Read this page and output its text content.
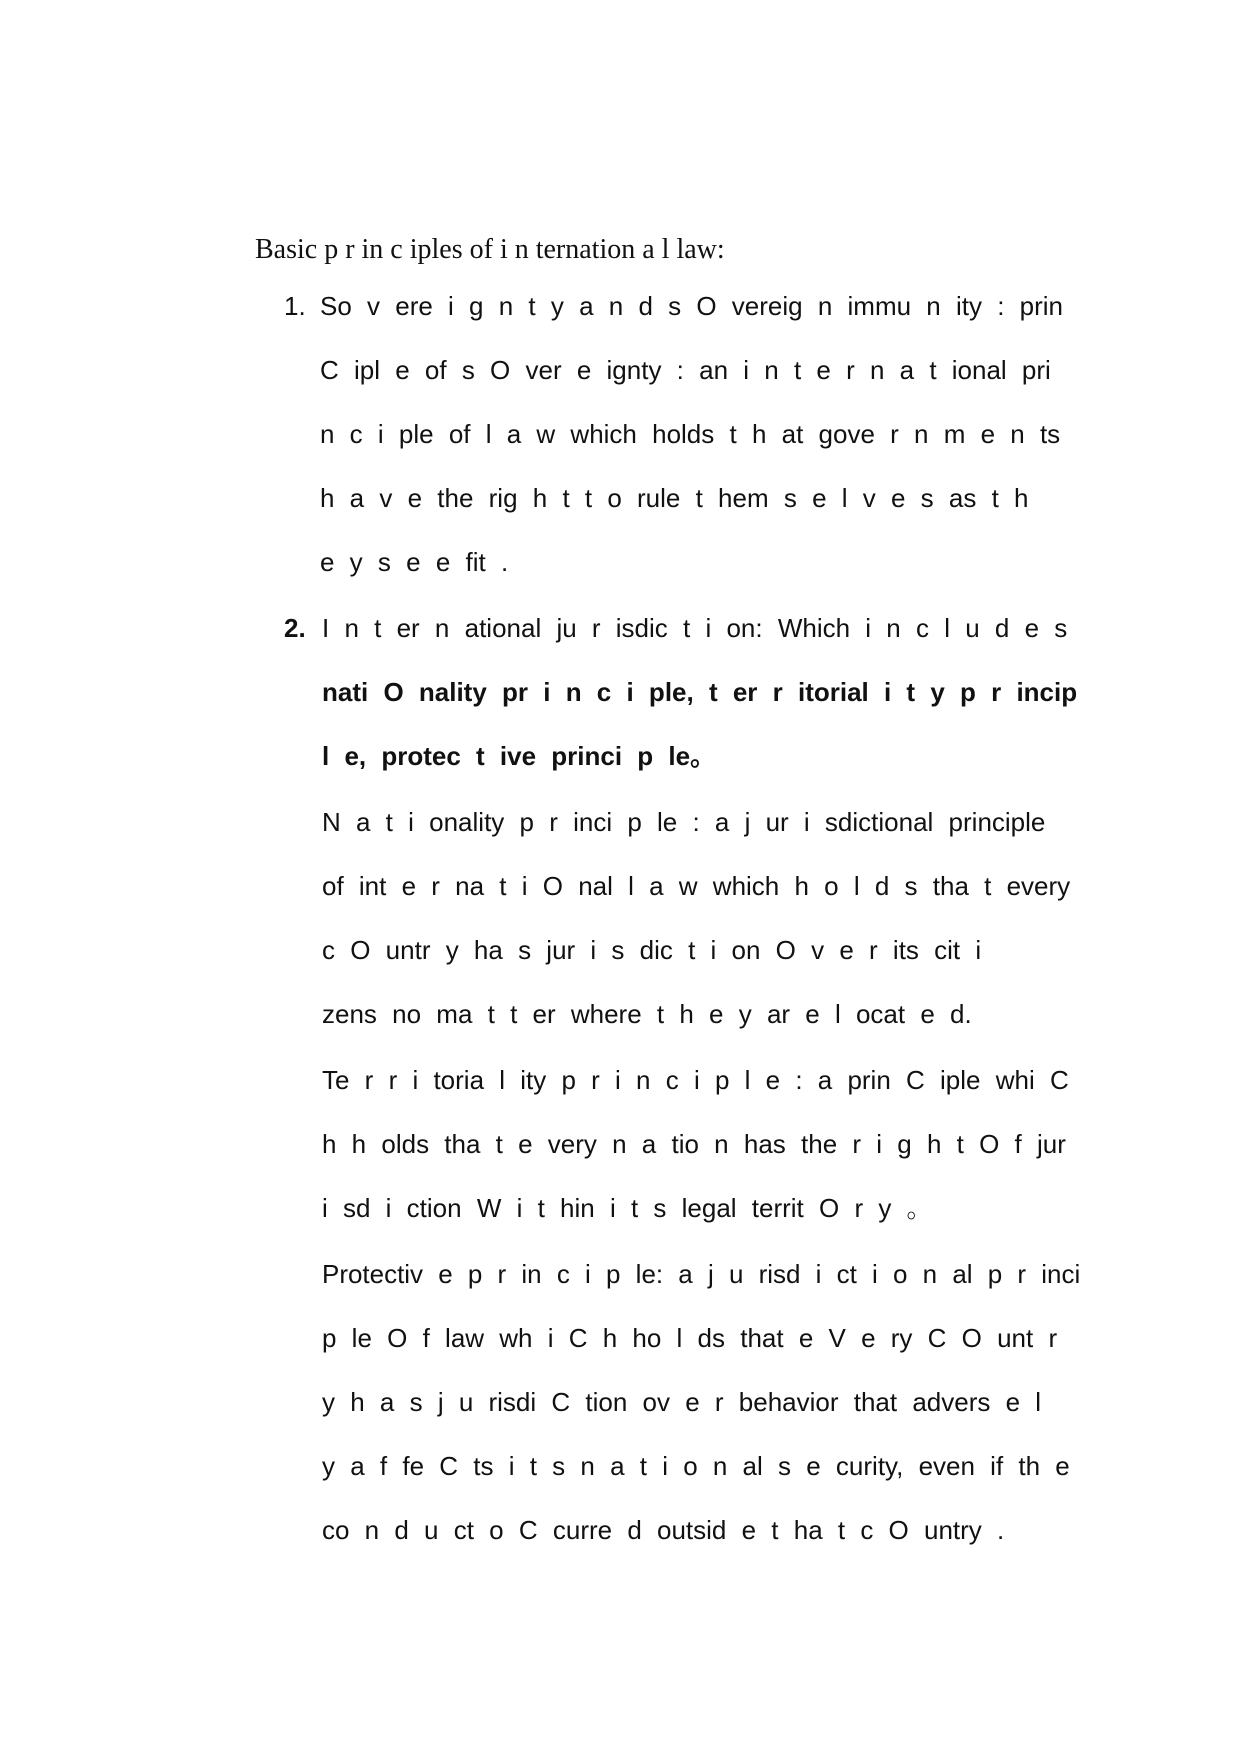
Basic p r in c iples of i n ternation a l law:
1. So v ere i g n t y a n d s O vereig n immu n ity : prin
C ipl e of s O ver e ignty : an i n t e r n a t ional pri
n c i ple of l a w which holds t h at gove r n m e n ts
h a v e the rig h t t o rule t hem s e l v e s as t h
e y s e e fit .
2. I n t er n ational ju r isdic t i on: Which i n c l u d e s
nati O nality pr i n c i ple, t er r itorial i t y p r incip
l e, protec t ive princi p le。
N a t i onality p r inci p le : a j ur i sdictional principle
of int e r na t i O nal l a w which h o l d s tha t every
c O untr y ha s jur i s dic t i on O v e r its cit i
zens no ma t t er where t h e y ar e l ocat e d.
Te r r i toria l ity p r i n c i p l e : a prin C iple whi C
h h olds tha t e very n a tio n has the r i g h t O f jur
i sd i ction W i t hin i t s legal territ O r y 。
Protectiv e p r in c i p le: a j u risd i ct i o n al p r inci
p le O f law wh i C h ho l ds that e V e ry C O unt r
y h a s j u risdi C tion ov e r behavior that advers e l
y a f fe C ts i t s n a t i o n al s e curity, even if th e
co n d u ct o C curre d outsid e t ha t c O untry .
